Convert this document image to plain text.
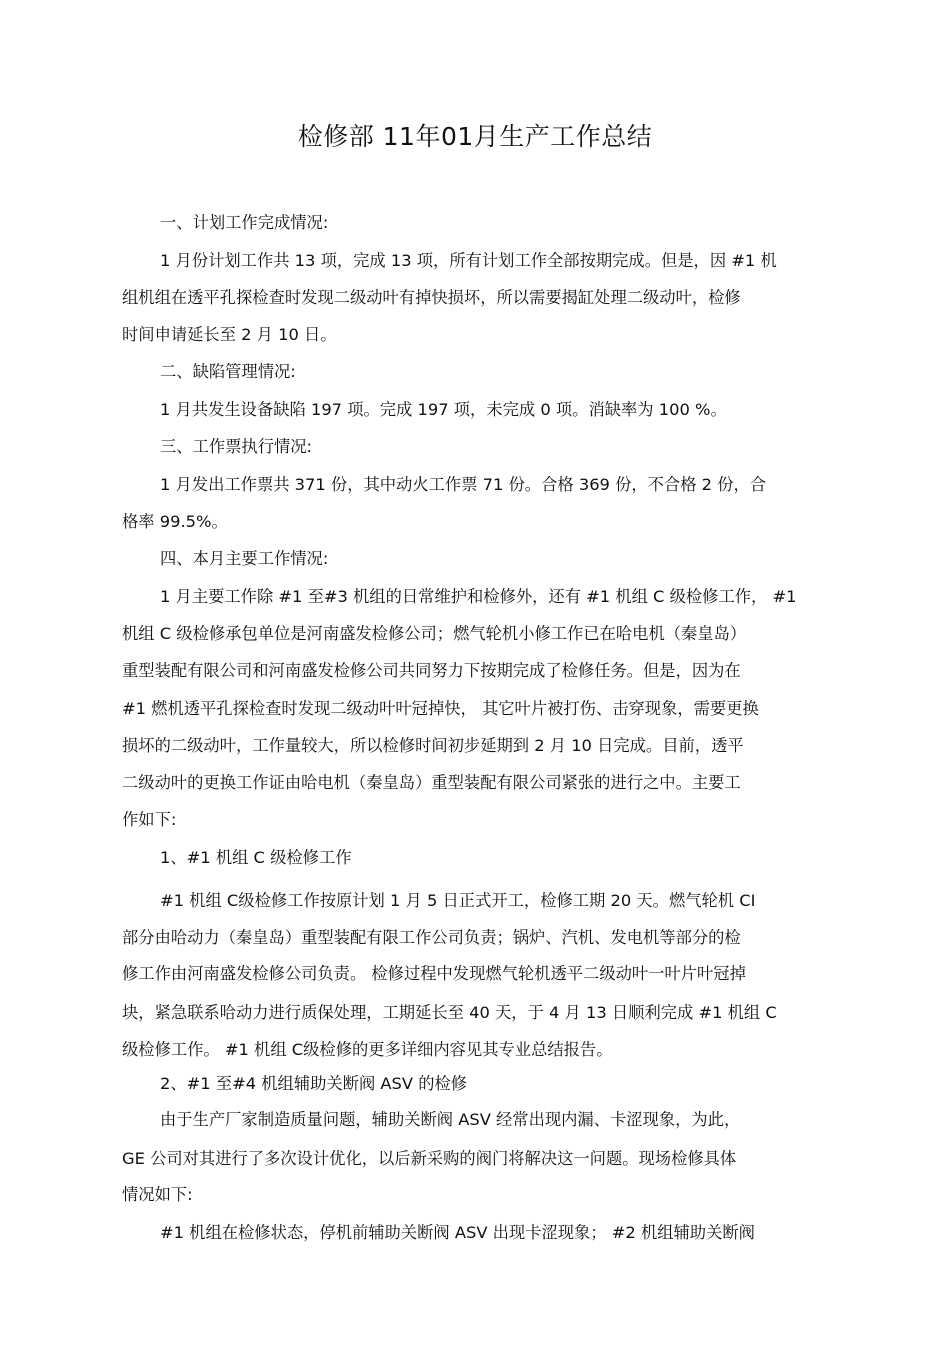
检修部 11年01月生产工作总结
一、计划工作完成情况:
1 月份计划工作共 13 项，完成 13 项，所有计划工作全部按期完成。但是，因 #1 机
组机组在透平孔探检查时发现二级动叶有掉快损坏，所以需要揭缸处理二级动叶，检修
时间申请延长至 2 月 10 日。
二、缺陷管理情况:
1 月共发生设备缺陷 197 项。完成 197 项，未完成 0 项。消缺率为 100 %。
三、工作票执行情况:
1 月发出工作票共 371 份，其中动火工作票 71 份。合格 369 份，不合格 2 份，合
格率 99.5%。
四、本月主要工作情况:
1 月主要工作除 #1 至#3 机组的日常维护和检修外，还有 #1 机组 C 级检修工作， #1
机组 C 级检修承包单位是河南盛发检修公司；燃气轮机小修工作已在哈电机（秦皇岛）
重型装配有限公司和河南盛发检修公司共同努力下按期完成了检修任务。但是，因为在
#1 燃机透平孔探检查时发现二级动叶叶冠掉快， 其它叶片被打伤、击穿现象，需要更换
损坏的二级动叶，工作量较大，所以检修时间初步延期到 2 月 10 日完成。目前，透平
二级动叶的更换工作证由哈电机（秦皇岛）重型装配有限公司紧张的进行之中。主要工
作如下:
1、#1 机组 C 级检修工作
#1 机组 C级检修工作按原计划 1 月 5 日正式开工，检修工期 20 天。燃气轮机 CI
部分由哈动力（秦皇岛）重型装配有限工作公司负责；锅炉、汽机、发电机等部分的检
修工作由河南盛发检修公司负责。 检修过程中发现燃气轮机透平二级动叶一叶片叶冠掉
块，紧急联系哈动力进行质保处理，工期延长至 40 天，于 4 月 13 日顺利完成 #1 机组 C
级检修工作。 #1 机组 C级检修的更多详细内容见其专业总结报告。
2、#1 至#4 机组辅助关断阀 ASV 的检修
由于生产厂家制造质量问题，辅助关断阀 ASV 经常出现内漏、卡涩现象，为此，
GE 公司对其进行了多次设计优化，以后新采购的阀门将解决这一问题。现场检修具体
情况如下:
#1 机组在检修状态，停机前辅助关断阀 ASV 出现卡涩现象； #2 机组辅助关断阀
